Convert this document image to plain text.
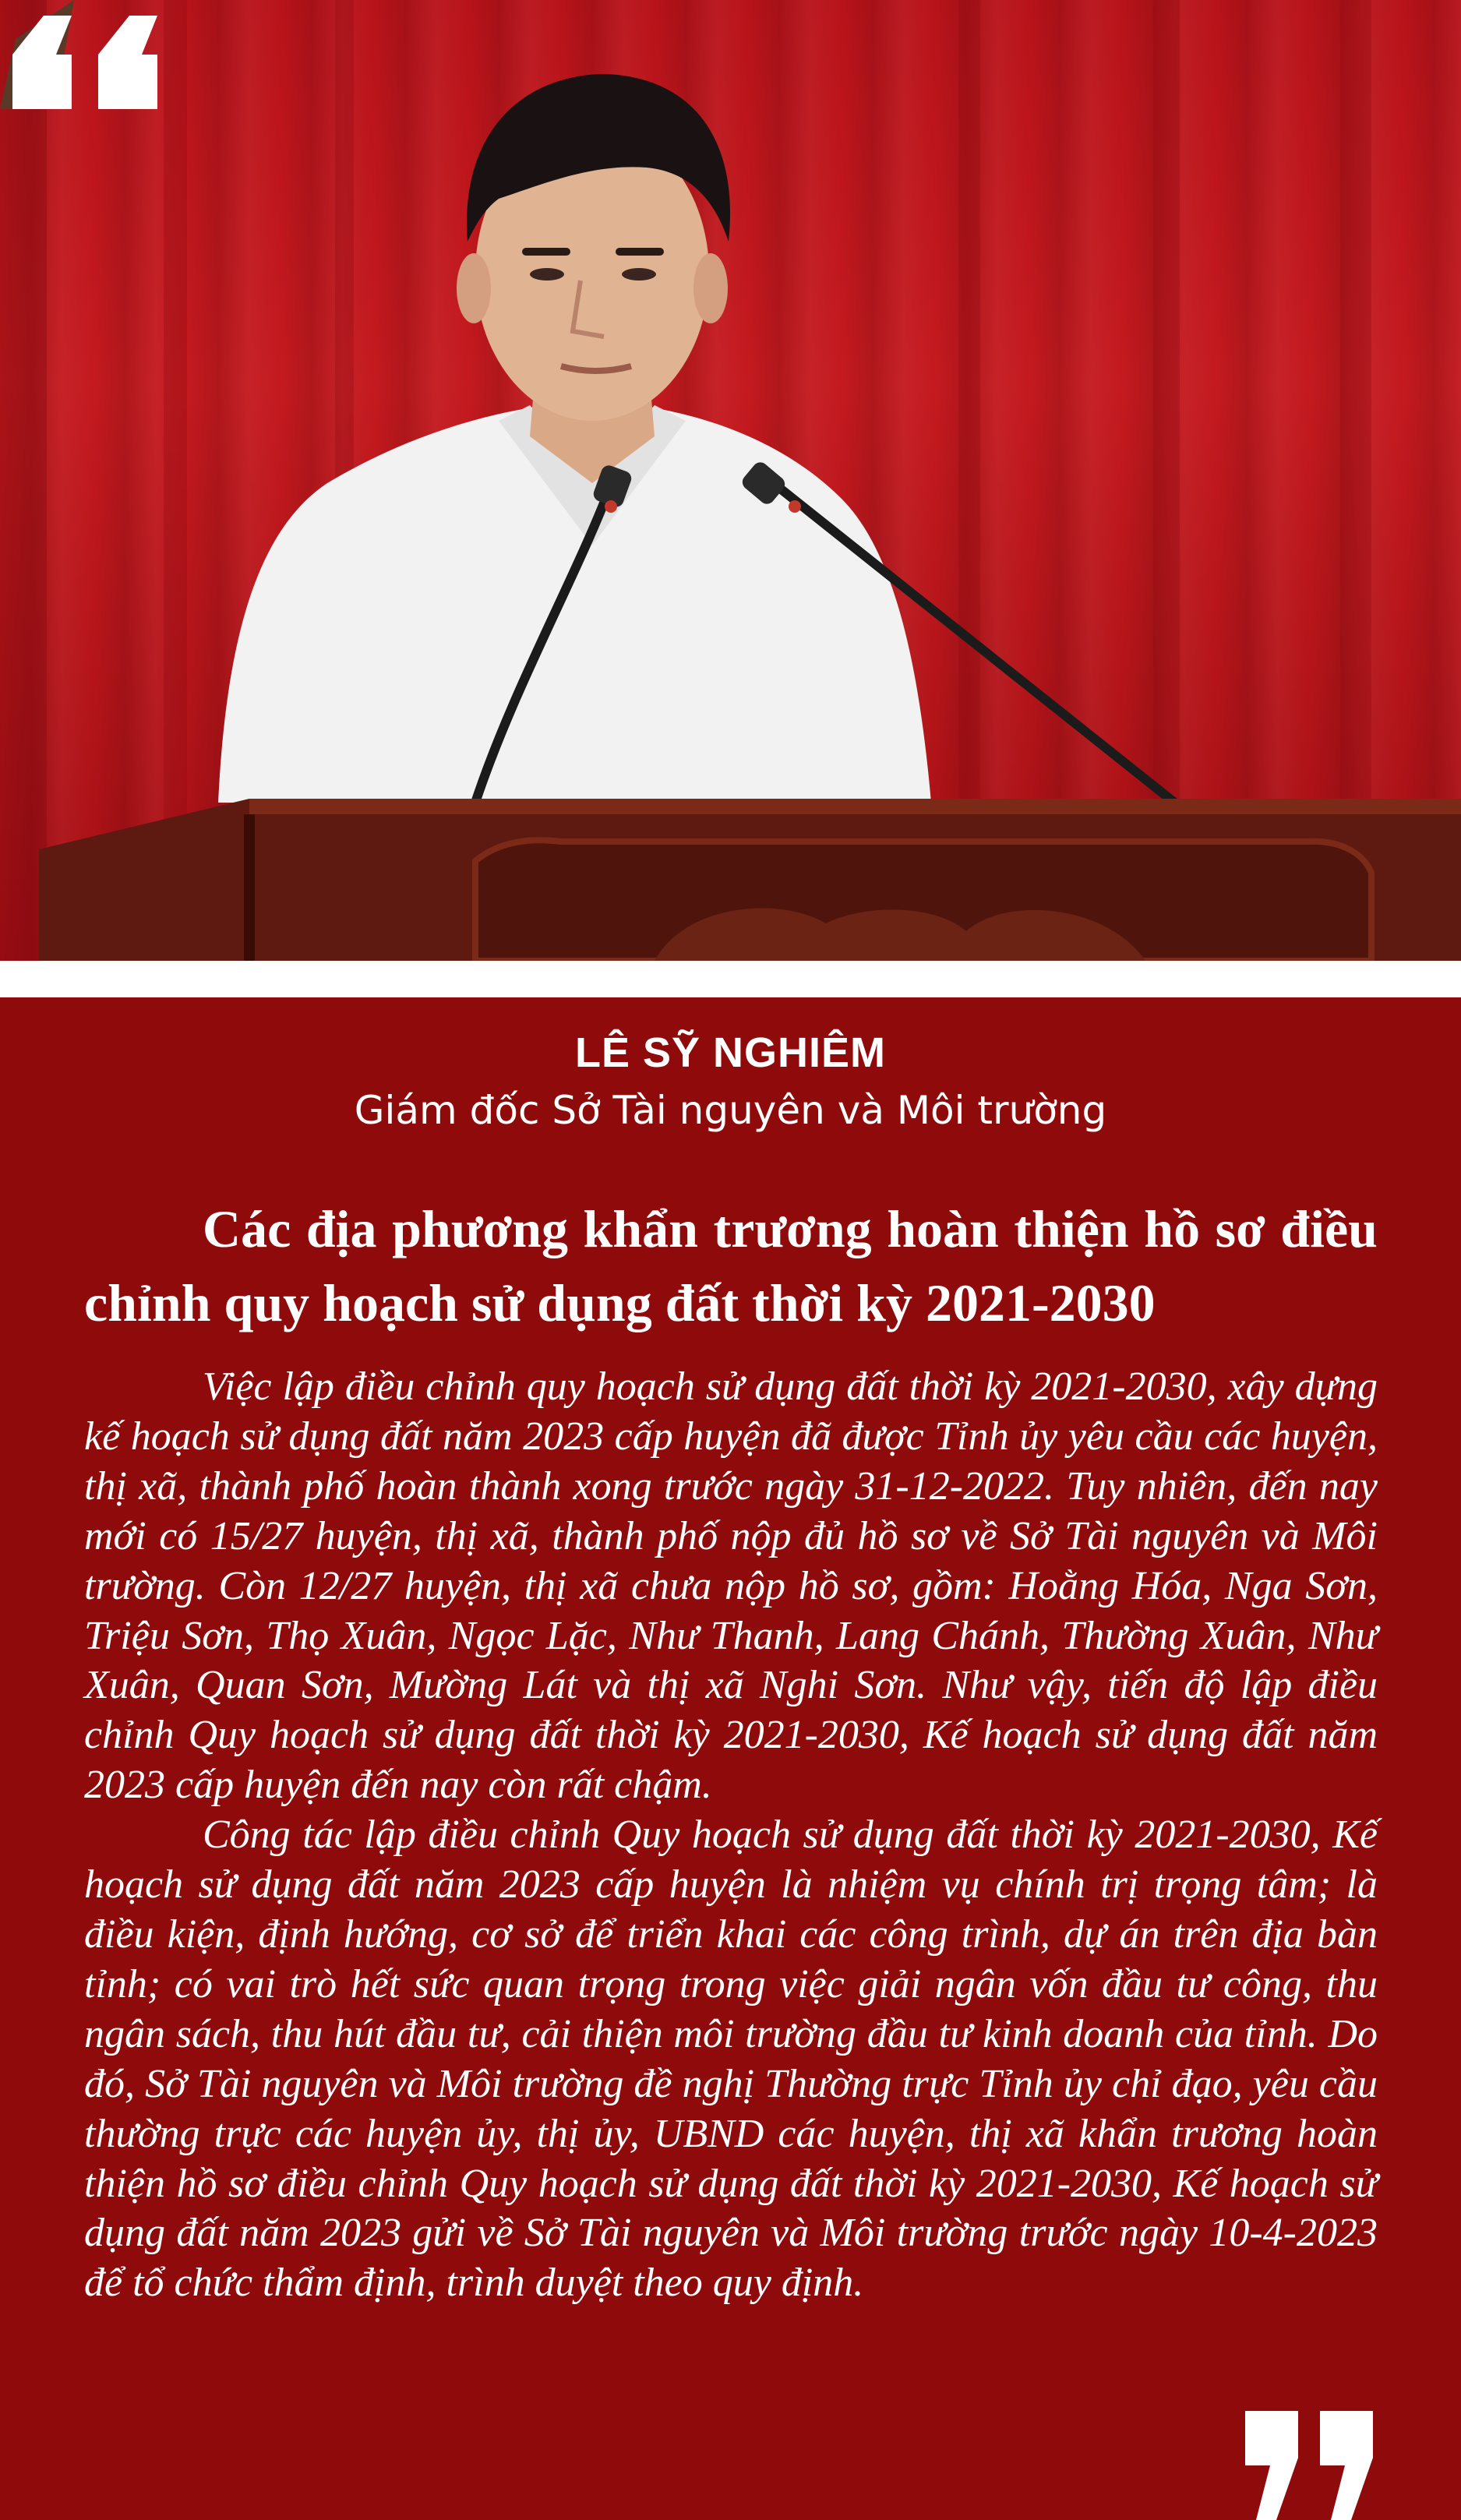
LÊ SỸ NGHIÊM
Giám đốc Sở Tài nguyên và Môi trường
Các địa phương khẩn trương hoàn thiện hồ sơ điều chỉnh quy hoạch sử dụng đất thời kỳ 2021-2030

Việc lập điều chỉnh quy hoạch sử dụng đất thời kỳ 2021-2030, xây dựng kế hoạch sử dụng đất năm 2023 cấp huyện đã được Tỉnh ủy yêu cầu các huyện, thị xã, thành phố hoàn thành xong trước ngày 31-12-2022. Tuy nhiên, đến nay mới có 15/27 huyện, thị xã, thành phố nộp đủ hồ sơ về Sở Tài nguyên và Môi trường. Còn 12/27 huyện, thị xã chưa nộp hồ sơ, gồm: Hoằng Hóa, Nga Sơn, Triệu Sơn, Thọ Xuân, Ngọc Lặc, Như Thanh, Lang Chánh, Thường Xuân, Như Xuân, Quan Sơn, Mường Lát và thị xã Nghi Sơn. Như vậy, tiến độ lập điều chỉnh Quy hoạch sử dụng đất thời kỳ 2021-2030, Kế hoạch sử dụng đất năm 2023 cấp huyện đến nay còn rất chậm.

Công tác lập điều chỉnh Quy hoạch sử dụng đất thời kỳ 2021-2030, Kế hoạch sử dụng đất năm 2023 cấp huyện là nhiệm vụ chính trị trọng tâm; là điều kiện, định hướng, cơ sở để triển khai các công trình, dự án trên địa bàn tỉnh; có vai trò hết sức quan trọng trong việc giải ngân vốn đầu tư công, thu ngân sách, thu hút đầu tư, cải thiện môi trường đầu tư kinh doanh của tỉnh. Do đó, Sở Tài nguyên và Môi trường đề nghị Thường trực Tỉnh ủy chỉ đạo, yêu cầu thường trực các huyện ủy, thị ủy, UBND các huyện, thị xã khẩn trương hoàn thiện hồ sơ điều chỉnh Quy hoạch sử dụng đất thời kỳ 2021-2030, Kế hoạch sử dụng đất năm 2023 gửi về Sở Tài nguyên và Môi trường trước ngày 10-4-2023 để tổ chức thẩm định, trình duyệt theo quy định.
